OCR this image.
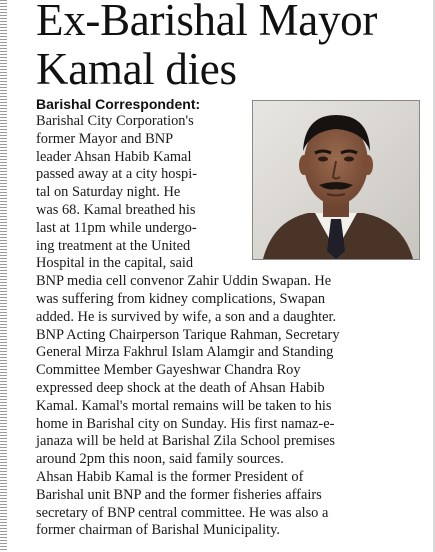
Ex-Barishal Mayor
Kamal dies
Barishal Correspondent:
Barishal City Corporation's
former Mayor and BNP
leader Ahsan Habib Kamal
passed away at a city hospi-
tal on Saturday night. He
was 68. Kamal breathed his
last at 11pm while undergo-
ing treatment at the United
Hospital in the capital, said
BNP media cell convenor Zahir Uddin Swapan. He
was suffering from kidney complications, Swapan
added. He is survived by wife, a son and a daughter.
BNP Acting Chairperson Tarique Rahman, Secretary
General Mirza Fakhrul Islam Alamgir and Standing
Committee Member Gayeshwar Chandra Roy
expressed deep shock at the death of Ahsan Habib
Kamal. Kamal's mortal remains will be taken to his
home in Barishal city on Sunday. His first namaz-e-
janaza will be held at Barishal Zila School premises
around 2pm this noon, said family sources.
Ahsan Habib Kamal is the former President of
Barishal unit BNP and the former fisheries affairs
secretary of BNP central committee. He was also a
former chairman of Barishal Municipality.
